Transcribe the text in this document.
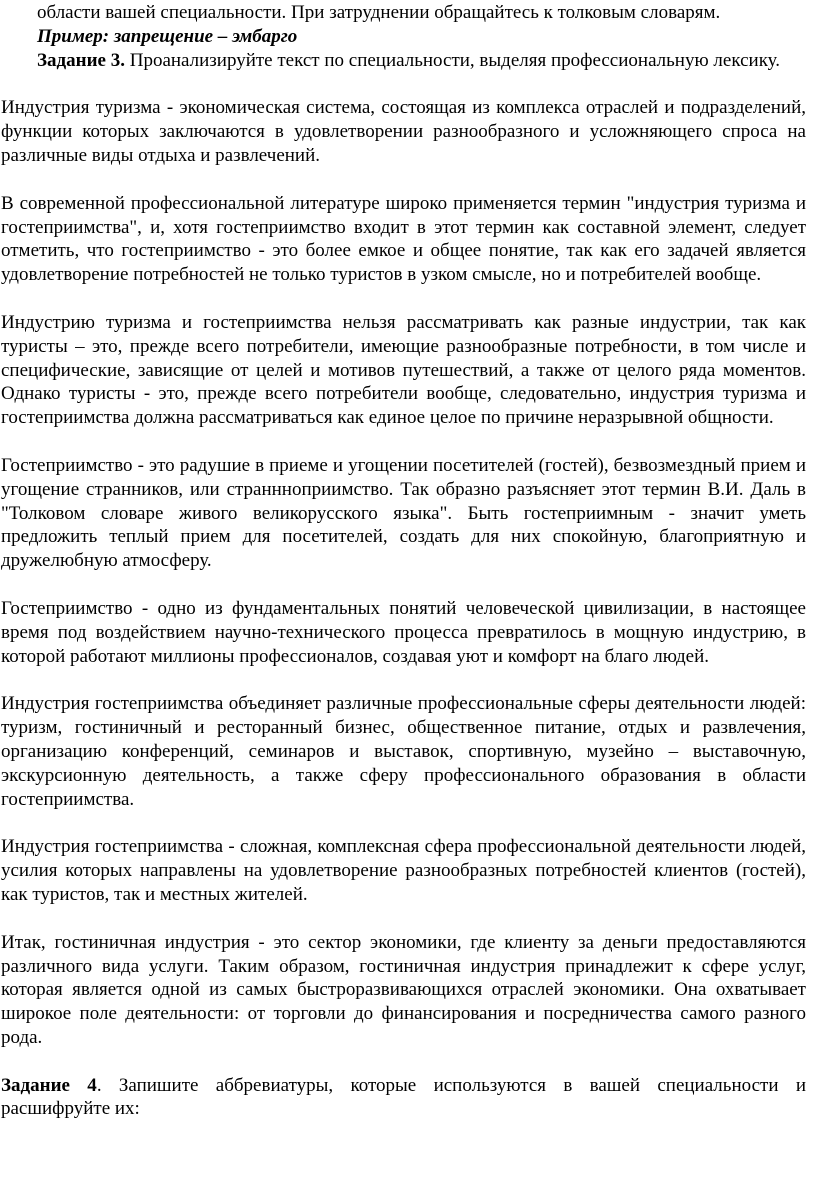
области вашей специальности. При затруднении обращайтесь к толковым словарям.

Пример: запрещение – эмбарго

Задание 3. Проанализируйте текст по специальности, выделяя профессиональную лексику.

Индустрия туризма - экономическая система, состоящая из комплекса отраслей и подразделений, функции которых заключаются в удовлетворении разнообразного и усложняющего спроса на различные виды отдыха и развлечений.

В современной профессиональной литературе широко применяется термин "индустрия туризма и гостеприимства", и, хотя гостеприимство входит в этот термин как составной элемент, следует отметить, что гостеприимство - это более емкое и общее понятие, так как его задачей является удовлетворение потребностей не только туристов в узком смысле, но и потребителей вообще.

Индустрию туризма и гостеприимства нельзя рассматривать как разные индустрии, так как туристы – это, прежде всего потребители, имеющие разнообразные потребности, в том числе и специфические, зависящие от целей и мотивов путешествий, а также от целого ряда моментов. Однако туристы - это, прежде всего потребители вообще, следовательно, индустрия туризма и гостеприимства должна рассматриваться как единое целое по причине неразрывной общности.

Гостеприимство - это радушие в приеме и угощении посетителей (гостей), безвозмездный прием и угощение странников, или страннноприимство. Так образно разъясняет этот термин В.И. Даль в "Толковом словаре живого великорусского языка". Быть гостеприимным - значит уметь предложить теплый прием для посетителей, создать для них спокойную, благоприятную и дружелюбную атмосферу.

Гостеприимство - одно из фундаментальных понятий человеческой цивилизации, в настоящее время под воздействием научно-технического процесса превратилось в мощную индустрию, в которой работают миллионы профессионалов, создавая уют и комфорт на благо людей.

Индустрия гостеприимства объединяет различные профессиональные сферы деятельности людей: туризм, гостиничный и ресторанный бизнес, общественное питание, отдых и развлечения, организацию конференций, семинаров и выставок, спортивную, музейно – выставочную, экскурсионную деятельность, а также сферу профессионального образования в области гостеприимства.

Индустрия гостеприимства - сложная, комплексная сфера профессиональной деятельности людей, усилия которых направлены на удовлетворение разнообразных потребностей клиентов (гостей), как туристов, так и местных жителей.

Итак, гостиничная индустрия - это сектор экономики, где клиенту за деньги предоставляются различного вида услуги. Таким образом, гостиничная индустрия принадлежит к сфере услуг, которая является одной из самых быстроразвивающихся отраслей экономики. Она охватывает широкое поле деятельности: от торговли до финансирования и посредничества самого разного рода.

Задание 4. Запишите аббревиатуры, которые используются в вашей специальности и расшифруйте их:
